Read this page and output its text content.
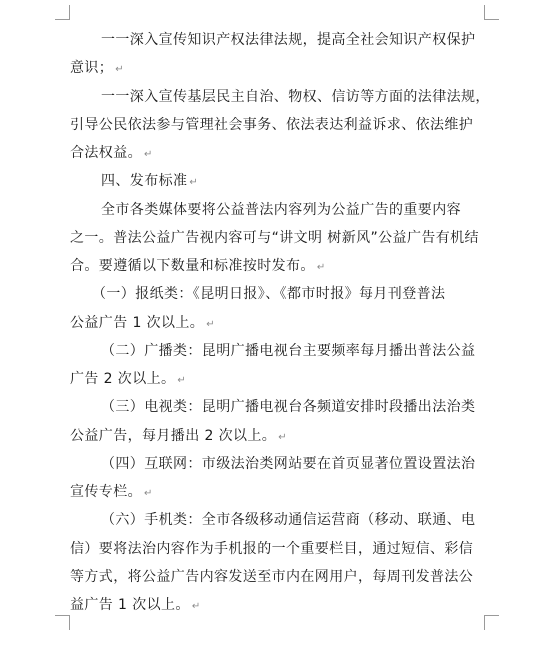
一一深入宣传知识产权法律法规，提高全社会知识产权保护
意识； ↵
一一深入宣传基层民主自治、物权、信访等方面的法律法规，
引导公民依法参与管理社会事务、依法表达利益诉求、依法维护
合法权益。 ↵
四、发布标准 ↵
全市各类媒体要将公益普法内容列为公益广告的重要内容
之一。普法公益广告视内容可与“讲文明 树新风”公益广告有机结
合。要遵循以下数量和标准按时发布。 ↵
（一）报纸类：《昆明日报》、《都市时报》每月刊登普法
公益广告 1 次以上。 ↵
（二）广播类：昆明广播电视台主要频率每月播出普法公益
广告 2 次以上。 ↵
（三）电视类：昆明广播电视台各频道安排时段播出法治类
公益广告，每月播出 2 次以上。 ↵
（四）互联网：市级法治类网站要在首页显著位置设置法治
宣传专栏。 ↵
（六）手机类：全市各级移动通信运营商（移动、联通、电
信）要将法治内容作为手机报的一个重要栏目，通过短信、彩信
等方式，将公益广告内容发送至市内在网用户，每周刊发普法公
益广告 1 次以上。 ↵
